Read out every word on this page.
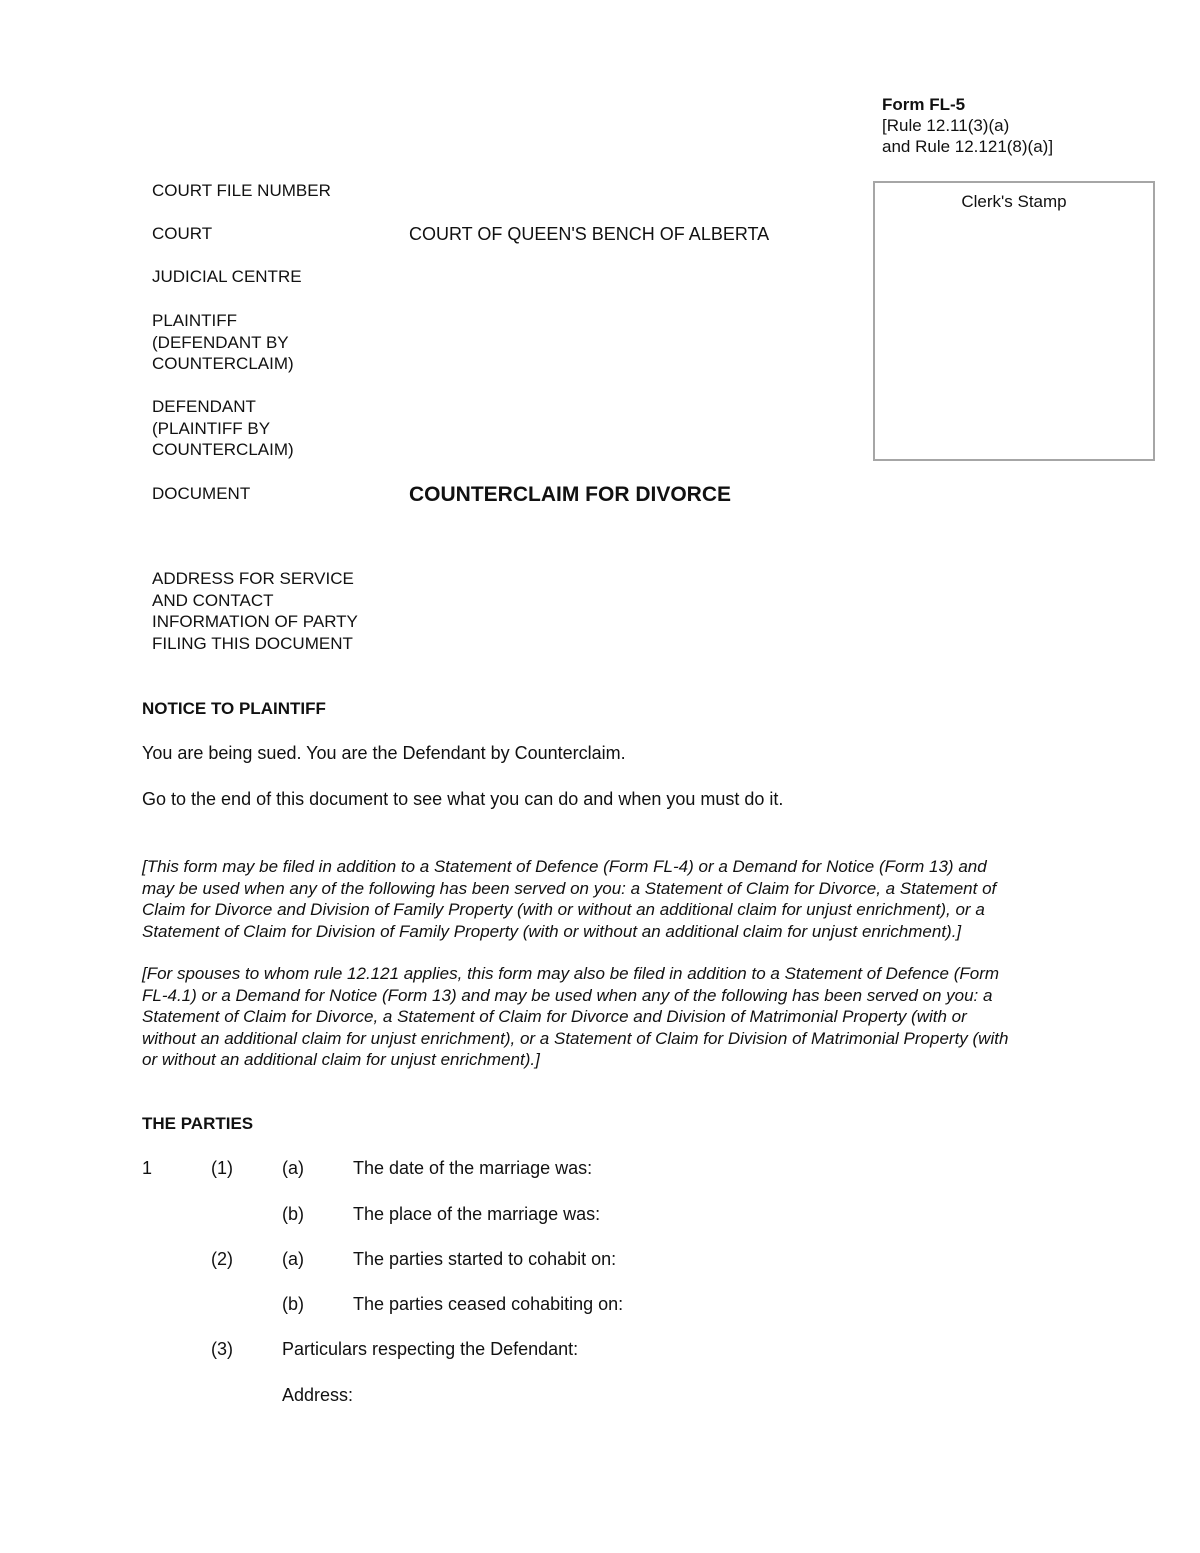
Form FL-5
[Rule 12.11(3)(a)
and Rule 12.121(8)(a)]
Clerk's Stamp
COURT FILE NUMBER
COURT	COURT OF QUEEN'S BENCH OF ALBERTA
JUDICIAL CENTRE
PLAINTIFF
(DEFENDANT BY
COUNTERCLAIM)
DEFENDANT
(PLAINTIFF BY
COUNTERCLAIM)
DOCUMENT	COUNTERCLAIM FOR DIVORCE
ADDRESS FOR SERVICE
AND CONTACT
INFORMATION OF PARTY
FILING THIS DOCUMENT
NOTICE TO PLAINTIFF
You are being sued. You are the Defendant by Counterclaim.
Go to the end of this document to see what you can do and when you must do it.
[This form may be filed in addition to a Statement of Defence (Form FL-4) or a Demand for Notice (Form 13) and
may be used when any of the following has been served on you: a Statement of Claim for Divorce, a Statement of
Claim for Divorce and Division of Family Property (with or without an additional claim for unjust enrichment), or a
Statement of Claim for Division of Family Property (with or without an additional claim for unjust enrichment).]
[For spouses to whom rule 12.121 applies, this form may also be filed in addition to a Statement of Defence (Form
FL-4.1) or a Demand for Notice (Form 13) and may be used when any of the following has been served on you: a
Statement of Claim for Divorce, a Statement of Claim for Divorce and Division of Matrimonial Property (with or
without an additional claim for unjust enrichment), or a Statement of Claim for Division of Matrimonial Property (with
or without an additional claim for unjust enrichment).]
THE PARTIES
1	(1)	(a)	The date of the marriage was:
(b)	The place of the marriage was:
(2)	(a)	The parties started to cohabit on:
(b)	The parties ceased cohabiting on:
(3)	Particulars respecting the Defendant:
Address:
